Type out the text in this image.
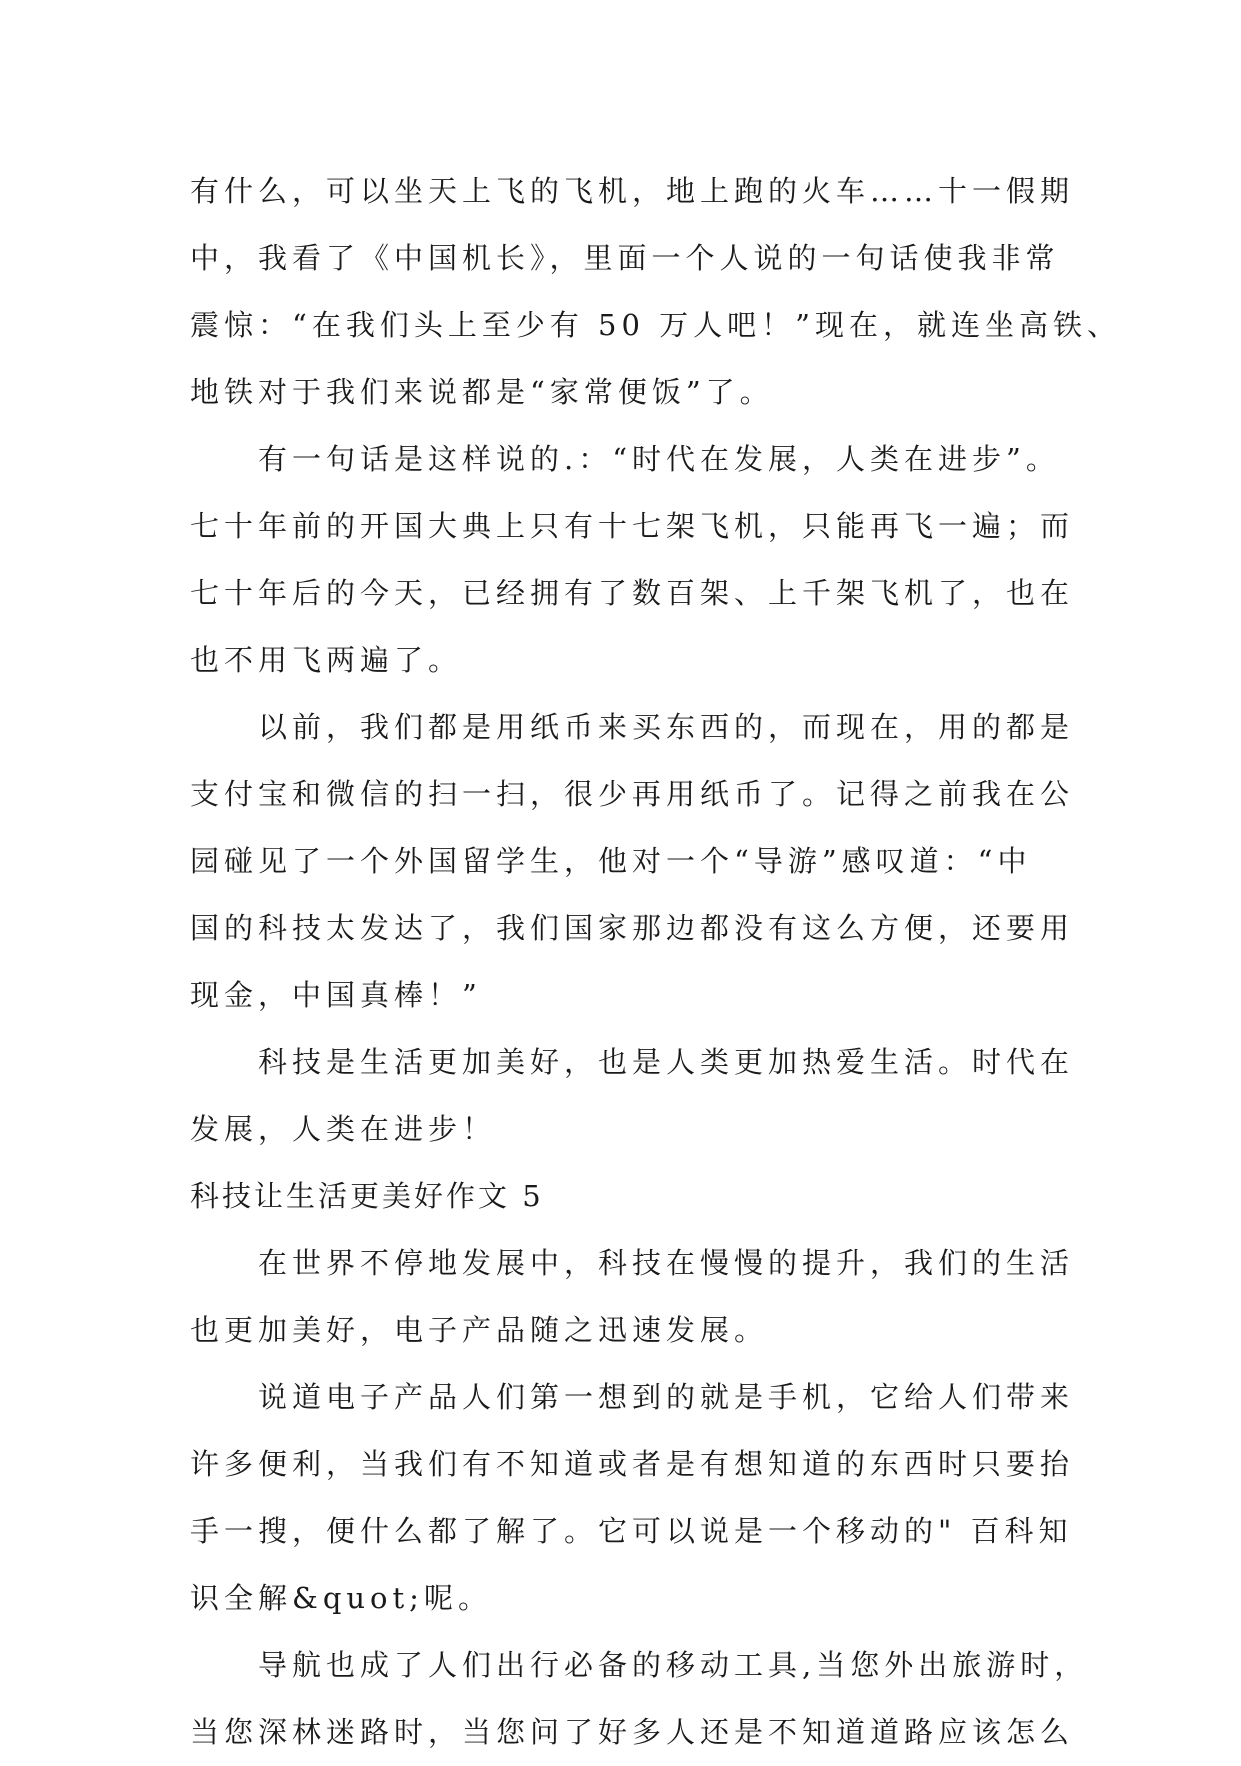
有什么，可以坐天上飞的飞机，地上跑的火车……十一假期
中，我看了《中国机长》，里面一个人说的一句话使我非常
震惊：“在我们头上至少有 50 万人吧！”现在，就连坐高铁、
地铁对于我们来说都是“家常便饭”了。
有一句话是这样说的.：“时代在发展，人类在进步”。
七十年前的开国大典上只有十七架飞机，只能再飞一遍；而
七十年后的今天，已经拥有了数百架、上千架飞机了，也在
也不用飞两遍了。
以前，我们都是用纸币来买东西的，而现在，用的都是
支付宝和微信的扫一扫，很少再用纸币了。记得之前我在公
园碰见了一个外国留学生，他对一个“导游”感叹道：“中
国的科技太发达了，我们国家那边都没有这么方便，还要用
现金，中国真棒！”
科技是生活更加美好，也是人类更加热爱生活。时代在
发展，人类在进步！
科技让生活更美好作文 5
在世界不停地发展中，科技在慢慢的提升，我们的生活
也更加美好，电子产品随之迅速发展。
说道电子产品人们第一想到的就是手机，它给人们带来
许多便利，当我们有不知道或者是有想知道的东西时只要抬
手一搜，便什么都了解了。它可以说是一个移动的" 百科知
识全解&quot;呢。
导航也成了人们出行必备的移动工具,当您外出旅游时，
当您深林迷路时，当您问了好多人还是不知道道路应该怎么
